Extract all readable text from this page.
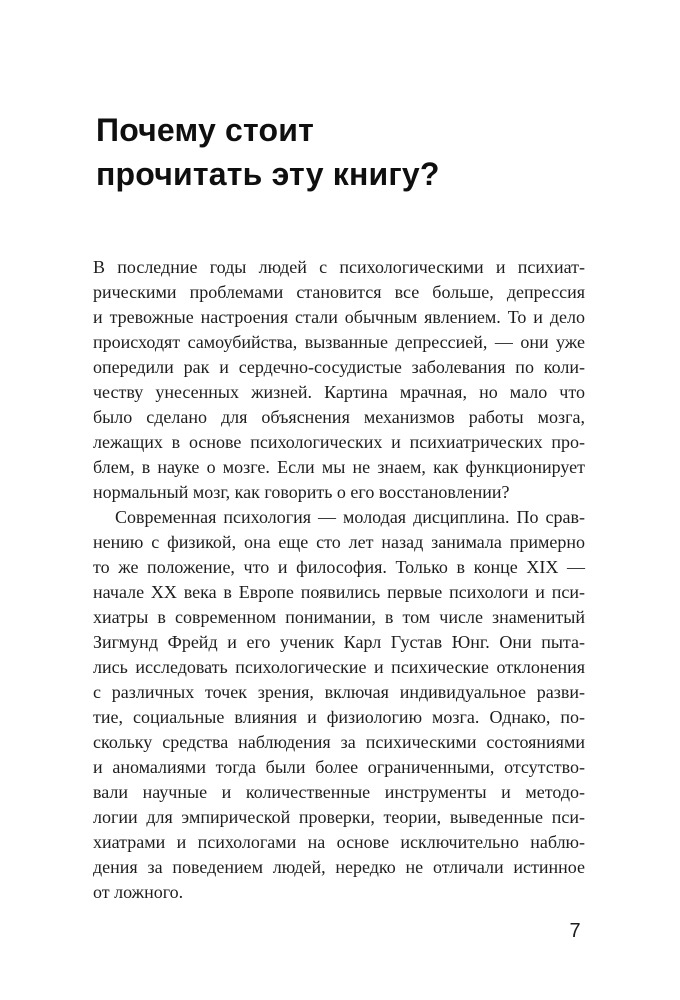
Почему стоит
прочитать эту книгу?
В последние годы людей с психологическими и психиат-
рическими проблемами становится все больше, депрессия
и тревожные настроения стали обычным явлением. То и дело
происходят самоубийства, вызванные депрессией, — они уже
опередили рак и сердечно-сосудистые заболевания по коли-
честву унесенных жизней. Картина мрачная, но мало что
было сделано для объяснения механизмов работы мозга,
лежащих в основе психологических и психиатрических про-
блем, в науке о мозге. Если мы не знаем, как функционирует
нормальный мозг, как говорить о его восстановлении?
Современная психология — молодая дисциплина. По срав-
нению с физикой, она еще сто лет назад занимала примерно
то же положение, что и философия. Только в конце XIX —
начале XX века в Европе появились первые психологи и пси-
хиатры в современном понимании, в том числе знаменитый
Зигмунд Фрейд и его ученик Карл Густав Юнг. Они пыта-
лись исследовать психологические и психические отклонения
с различных точек зрения, включая индивидуальное разви-
тие, социальные влияния и физиологию мозга. Однако, по-
скольку средства наблюдения за психическими состояниями
и аномалиями тогда были более ограниченными, отсутство-
вали научные и количественные инструменты и методо-
логии для эмпирической проверки, теории, выведенные пси-
хиатрами и психологами на основе исключительно наблю-
дения за поведением людей, нередко не отличали истинное
от ложного.
7
